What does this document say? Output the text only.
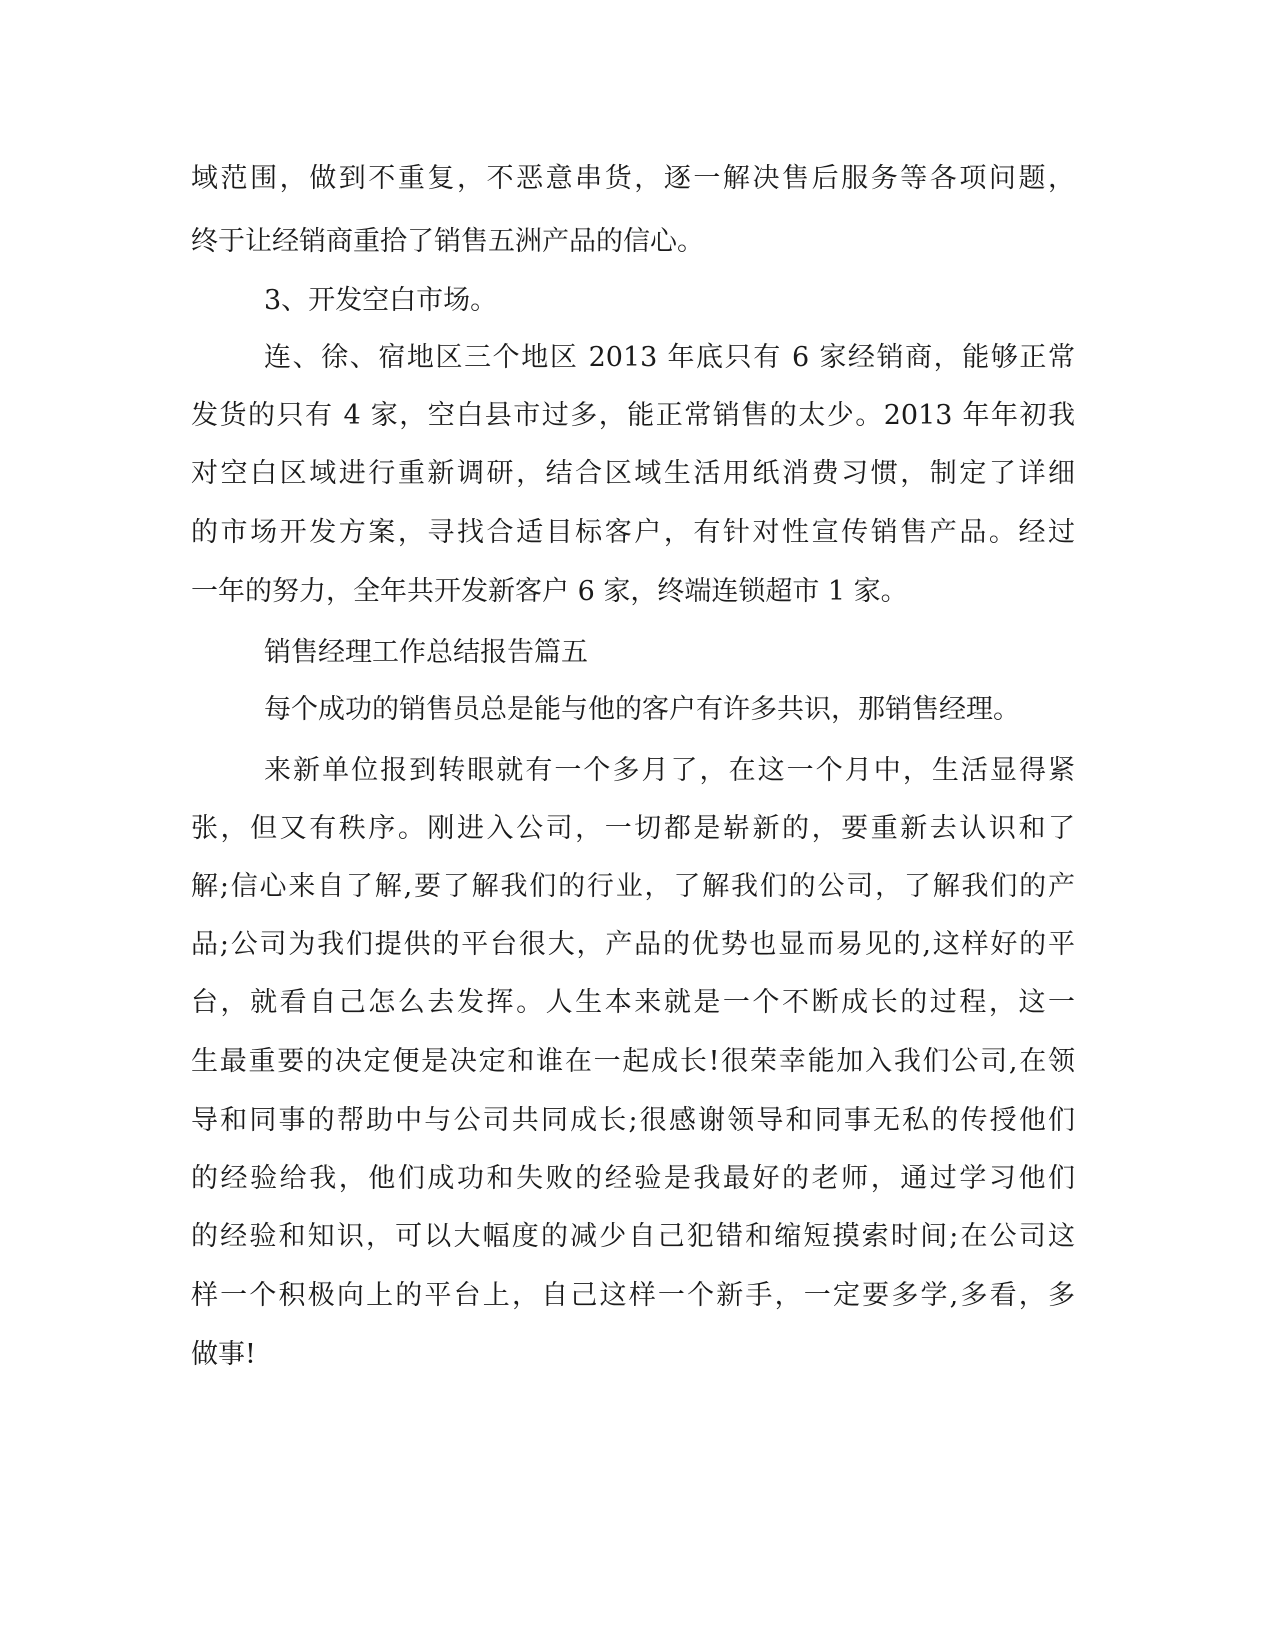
域范围，做到不重复，不恶意串货，逐一解决售后服务等各项问题，
终于让经销商重拾了销售五洲产品的信心。
3、开发空白市场。
连、徐、宿地区三个地区 2013 年底只有 6 家经销商，能够正常
发货的只有 4 家，空白县市过多，能正常销售的太少。2013 年年初我
对空白区域进行重新调研，结合区域生活用纸消费习惯，制定了详细
的市场开发方案，寻找合适目标客户，有针对性宣传销售产品。经过
一年的努力，全年共开发新客户 6 家，终端连锁超市 1 家。
销售经理工作总结报告篇五
每个成功的销售员总是能与他的客户有许多共识，那销售经理。
来新单位报到转眼就有一个多月了，在这一个月中，生活显得紧
张，但又有秩序。刚进入公司，一切都是崭新的，要重新去认识和了
解;信心来自了解,要了解我们的行业，了解我们的公司，了解我们的产
品;公司为我们提供的平台很大，产品的优势也显而易见的,这样好的平
台，就看自己怎么去发挥。人生本来就是一个不断成长的过程，这一
生最重要的决定便是决定和谁在一起成长!很荣幸能加入我们公司,在领
导和同事的帮助中与公司共同成长;很感谢领导和同事无私的传授他们
的经验给我，他们成功和失败的经验是我最好的老师，通过学习他们
的经验和知识，可以大幅度的减少自己犯错和缩短摸索时间;在公司这
样一个积极向上的平台上，自己这样一个新手，一定要多学,多看，多
做事!
